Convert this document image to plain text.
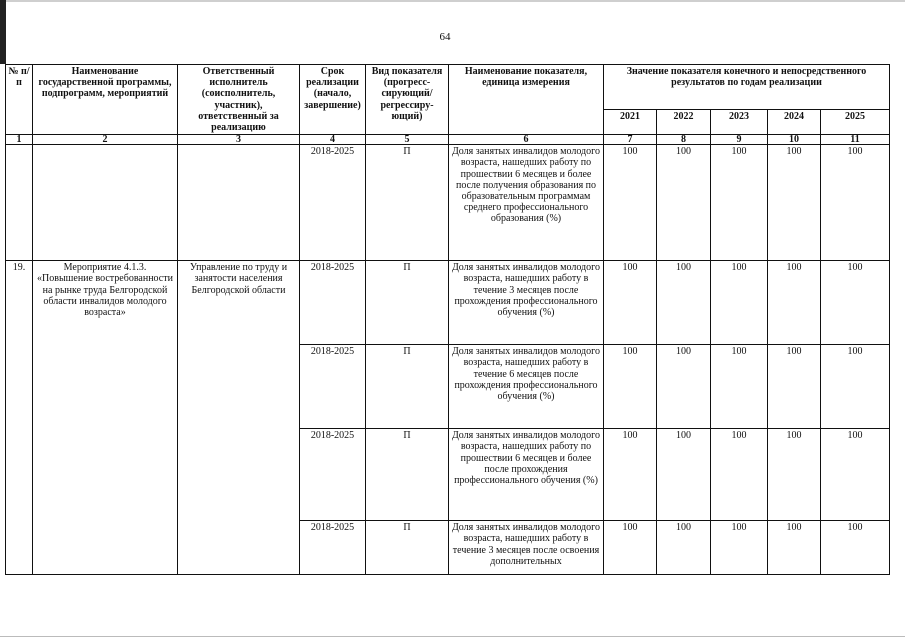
64
№ п/п	Наименование государственной программы, подпрограмм, мероприятий	Ответственный исполнитель (соисполнитель, участник), ответственный за реализацию	Срок реализации (начало, завершение)	Вид показателя (прогресс- сирующий/ регрессиру- ющий)	Наименование показателя, единица измерения	Значение показателя конечного и непосредственного результатов по годам реализации				
						2021	2022	2023	2024	2025
1	2	3	4	5	6	7	8	9	10	11
			2018-2025	П	Доля занятых инвалидов молодого возраста, нашедших работу по прошествии 6 месяцев и более после получения образования по образовательным программам среднего профессионального образования (%)	100	100	100	100	100
19.	Мероприятие 4.1.3. «Повышение востребованности на рынке труда Белгородской области инвалидов молодого возраста»	Управление по труду и занятости населения Белгородской области	2018-2025	П	Доля занятых инвалидов молодого возраста, нашедших работу в течение 3 месяцев после прохождения профессионального обучения (%)	100	100	100	100	100
			2018-2025	П	Доля занятых инвалидов молодого возраста, нашедших работу в течение 6 месяцев после прохождения профессионального обучения (%)	100	100	100	100	100
			2018-2025	П	Доля занятых инвалидов молодого возраста, нашедших работу по прошествии 6 месяцев и более после прохождения профессионального обучения (%)	100	100	100	100	100
			2018-2025	П	Доля занятых инвалидов молодого возраста, нашедших работу в течение 3 месяцев после освоения дополнительных	100	100	100	100	100
